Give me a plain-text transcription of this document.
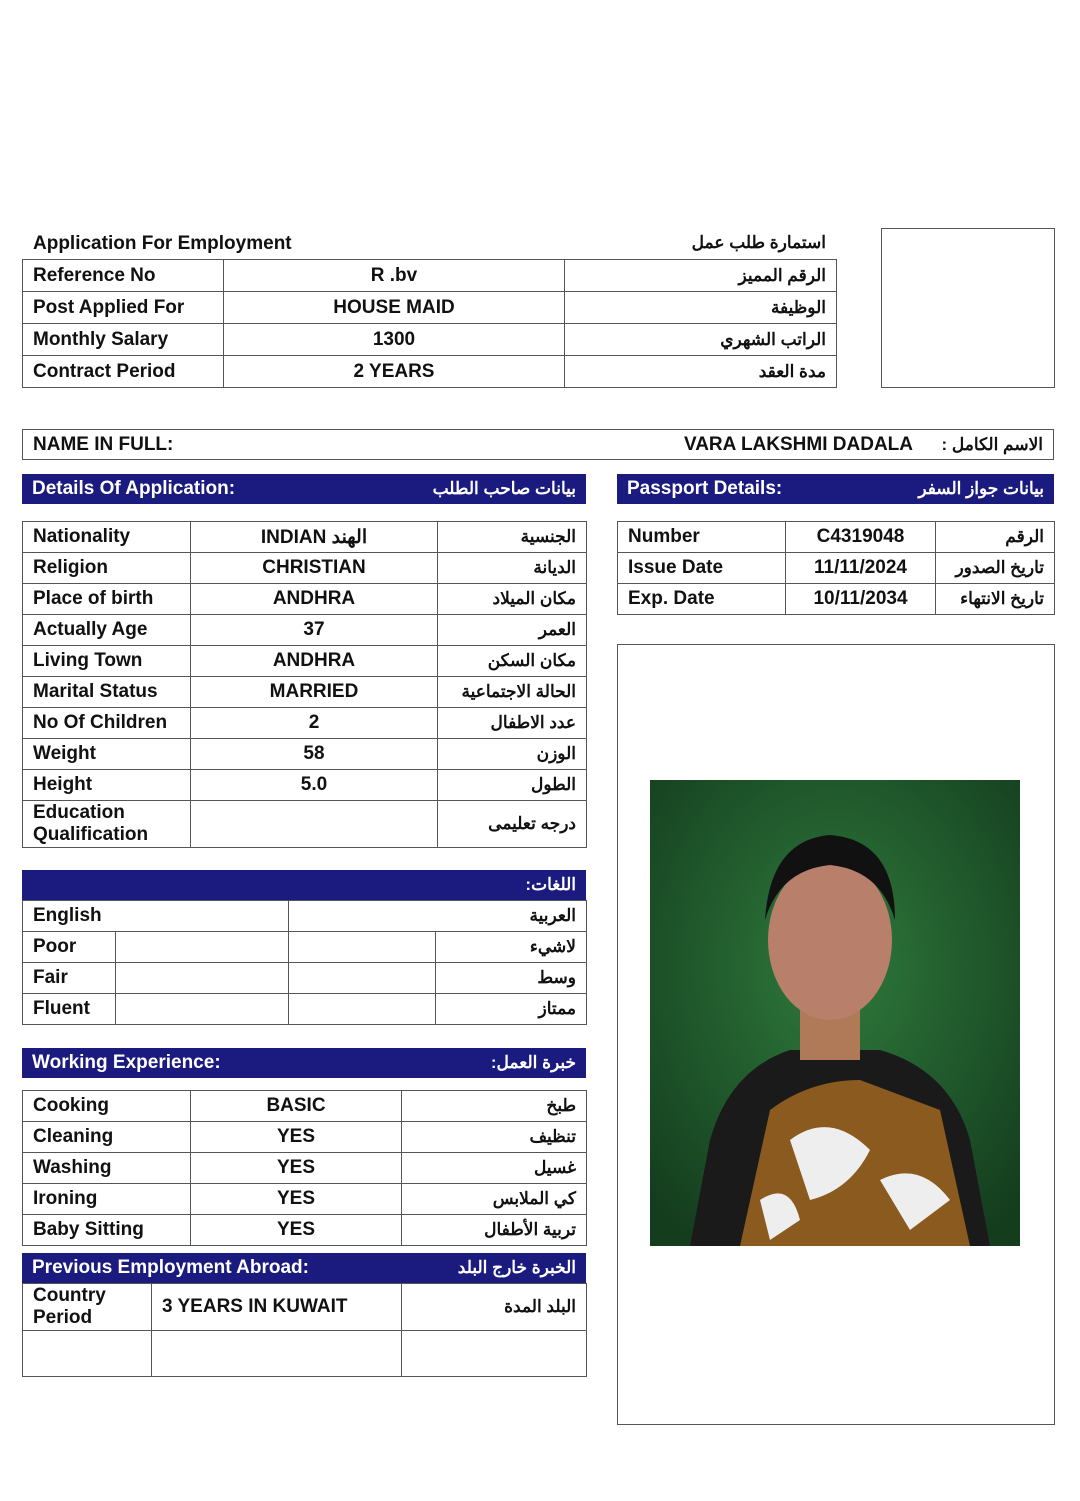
Application For Employment	استمارة طلب عمل
Reference No	R .bv	الرقم المميز
Post Applied For	HOUSE MAID	الوظيفة
Monthly Salary	1300	الراتب الشهري
Contract Period	2 YEARS	مدة العقد
NAME IN FULL:	VARA LAKSHMI DADALA	الاسم الكامل :
Details Of Application:	بيانات صاحب الطلب	Passport Details:	بيانات جواز السفر
Nationality	INDIAN الهند	الجنسية
Religion	CHRISTIAN	الديانة
Place of birth	ANDHRA	مكان الميلاد
Actually Age	37	العمر
Living Town	ANDHRA	مكان السكن
Marital Status	MARRIED	الحالة الاجتماعية
No Of Children	2	عدد الاطفال
Weight	58	الوزن
Height	5.0	الطول

Education
Qualification		درجه تعليمى
Number	C4319048	الرقم
Issue Date	11/11/2024	تاريخ الصدور
Exp. Date	10/11/2034	تاريخ الانتهاء
اللغات:
English		العربية	
Poor			لاشيء
Fair			وسط
Fluent			ممتاز
Working Experience:	خبرة العمل:
Cooking	BASIC	طبخ
Cleaning	YES	تنظيف
Washing	YES	غسيل
Ironing	YES	كي الملابس
Baby Sitting	YES	تربية الأطفال
Previous Employment Abroad:	الخبرة خارج البلد
Country
Period	3 YEARS IN KUWAIT	البلد المدة
